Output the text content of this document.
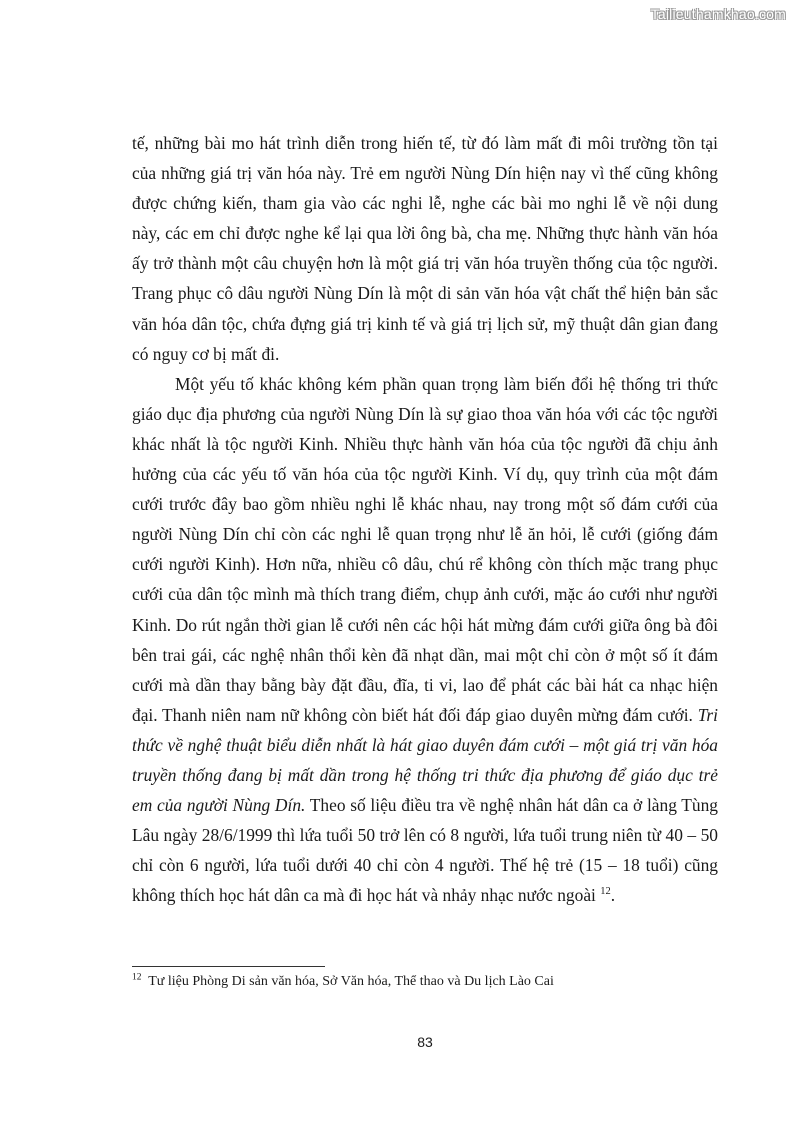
Tailieuthamkhao.com

tế, những bài mo hát trình diễn trong hiến tế, từ đó làm mất đi môi trường tồn tại của những giá trị văn hóa này. Trẻ em người Nùng Dín hiện nay vì thế cũng không được chứng kiến, tham gia vào các nghi lễ, nghe các bài mo nghi lễ về nội dung này, các em chỉ được nghe kể lại qua lời ông bà, cha mẹ. Những thực hành văn hóa ấy trở thành một câu chuyện hơn là một giá trị văn hóa truyền thống của tộc người. Trang phục cô dâu người Nùng Dín là một di sản văn hóa vật chất thể hiện bản sắc văn hóa dân tộc, chứa đựng giá trị kinh tế và giá trị lịch sử, mỹ thuật dân gian đang có nguy cơ bị mất đi.

Một yếu tố khác không kém phần quan trọng làm biến đổi hệ thống tri thức giáo dục địa phương của người Nùng Dín là sự giao thoa văn hóa với các tộc người khác nhất là tộc người Kinh. Nhiều thực hành văn hóa của tộc người đã chịu ảnh hưởng của các yếu tố văn hóa của tộc người Kinh. Ví dụ, quy trình của một đám cưới trước đây bao gồm nhiều nghi lễ khác nhau, nay trong một số đám cưới của người Nùng Dín chỉ còn các nghi lễ quan trọng như lễ ăn hỏi, lễ cưới (giống đám cưới người Kinh). Hơn nữa, nhiều cô dâu, chú rể không còn thích mặc trang phục cưới của dân tộc mình mà thích trang điểm, chụp ảnh cưới, mặc áo cưới như người Kinh. Do rút ngắn thời gian lễ cưới nên các hội hát mừng đám cưới giữa ông bà đôi bên trai gái, các nghệ nhân thổi kèn đã nhạt dần, mai một chỉ còn ở một số ít đám cưới mà dần thay bằng bày đặt đầu, đĩa, ti vi, lao để phát các bài hát ca nhạc hiện đại. Thanh niên nam nữ không còn biết hát đối đáp giao duyên mừng đám cưới. Tri thức về nghệ thuật biểu diễn nhất là hát giao duyên đám cưới – một giá trị văn hóa truyền thống đang bị mất dần trong hệ thống tri thức địa phương để giáo dục trẻ em của người Nùng Dín. Theo số liệu điều tra về nghệ nhân hát dân ca ở làng Tùng Lâu ngày 28/6/1999 thì lứa tuổi 50 trở lên có 8 người, lứa tuổi trung niên từ 40 – 50 chỉ còn 6 người, lứa tuổi dưới 40 chỉ còn 4 người. Thế hệ trẻ (15 – 18 tuổi) cũng không thích học hát dân ca mà đi học hát và nhảy nhạc nước ngoài $^{12}$.

$^{12}$ Tư liệu Phòng Di sản văn hóa, Sở Văn hóa, Thể thao và Du lịch Lào Cai
83
